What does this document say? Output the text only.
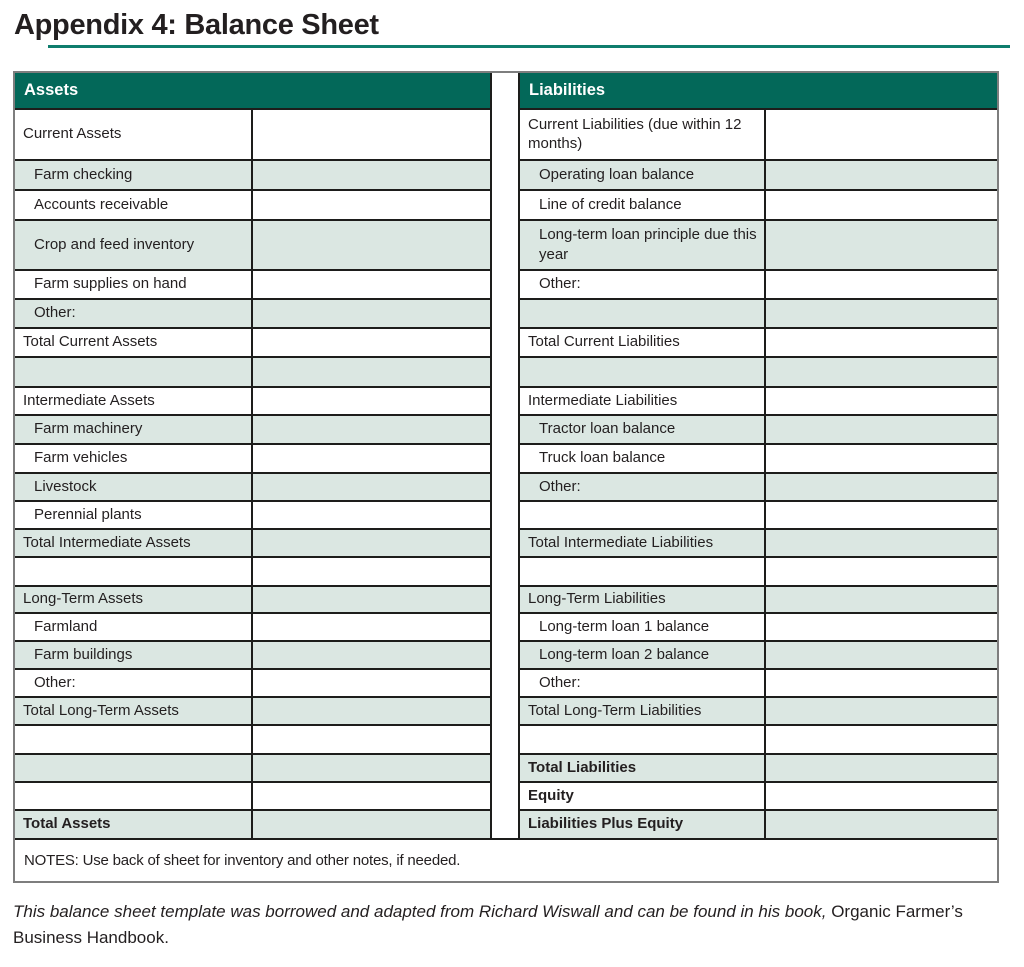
Appendix 4: Balance Sheet
Assets
Current Assets
Farm checking
Accounts receivable
Crop and feed inventory
Farm supplies on hand
Other:
Total Current Assets
Intermediate Assets
Farm machinery
Farm vehicles
Livestock
Perennial plants
Total Intermediate Assets
Long-Term Assets
Farmland
Farm buildings
Other:
Total Long-Term Assets
Total Assets
Liabilities
Current Liabilities (due within 12 months)
Operating loan balance
Line of credit balance
Long-term loan principle due this year
Other:
Total Current Liabilities
Intermediate Liabilities
Tractor loan balance
Truck loan balance
Other:
Total Intermediate Liabilities
Long-Term Liabilities
Long-term loan 1 balance
Long-term loan 2 balance
Other:
Total Long-Term Liabilities
Total Liabilities
Equity
Liabilities Plus Equity
NOTES: Use back of sheet for inventory and other notes, if needed.

This balance sheet template was borrowed and adapted from Richard Wiswall and can be found in his book, Organic Farmer’s Business Handbook.
